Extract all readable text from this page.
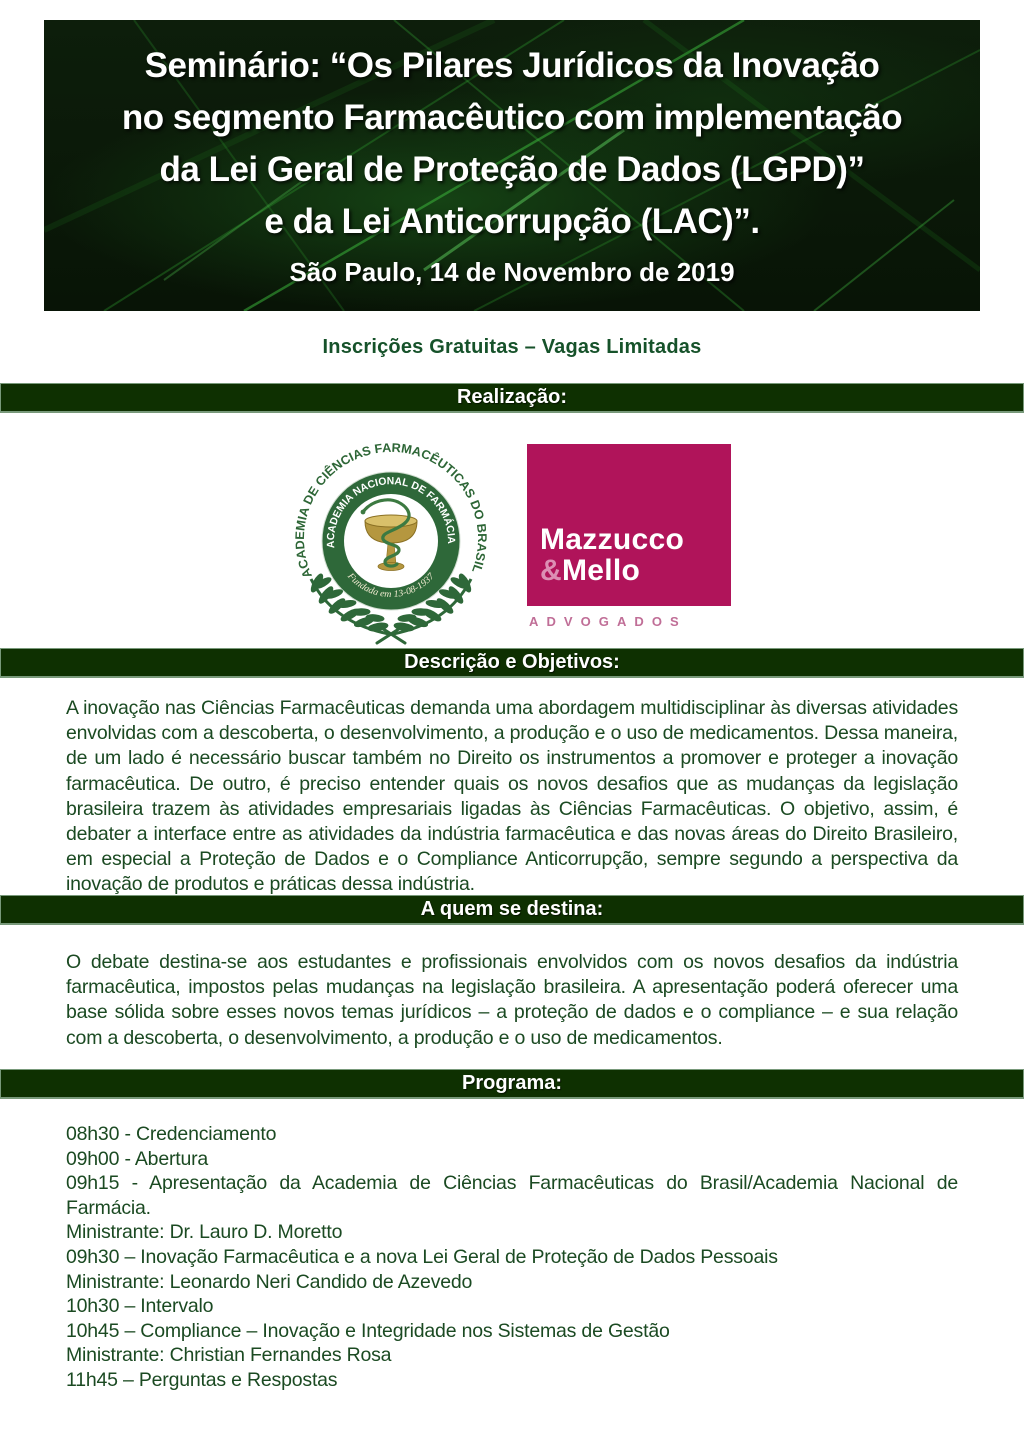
Seminário: “Os Pilares Jurídicos da Inovação
no segmento Farmacêutico com implementação
da Lei Geral de Proteção de Dados (LGPD)”
e da Lei Anticorrupção (LAC)”.
São Paulo, 14 de Novembro de 2019
Inscrições Gratuitas – Vagas Limitadas
Realização:
ACADEMIA DE CIÊNCIAS FARMACÊUTICAS DO BRASIL
ACADEMIA NACIONAL DE FARMÁCIA
Fundada em 13-08-1937
Mazzucco
&Mello
ADVOGADOS
Descrição e Objetivos:
A inovação nas Ciências Farmacêuticas demanda uma abordagem multidisciplinar às diversas atividades envolvidas com a descoberta, o desenvolvimento, a produção e o uso de medicamentos. Dessa maneira, de um lado é necessário buscar também no Direito os instrumentos a promover e proteger a inovação farmacêutica. De outro, é preciso entender quais os novos desafios que as mudanças da legislação brasileira trazem às atividades empresariais ligadas às Ciências Farmacêuticas. O objetivo, assim, é debater a interface entre as atividades da indústria farmacêutica e das novas áreas do Direito Brasileiro, em especial a Proteção de Dados e o Compliance Anticorrupção, sempre segundo a perspectiva da inovação de produtos e práticas dessa indústria.
A quem se destina:
O debate destina-se aos estudantes e profissionais envolvidos com os novos desafios da indústria farmacêutica, impostos pelas mudanças na legislação brasileira. A apresentação poderá oferecer uma base sólida sobre esses novos temas jurídicos – a proteção de dados e o compliance – e sua relação com a descoberta, o desenvolvimento, a produção e o uso de medicamentos.
Programa:
08h30 - Credenciamento
09h00 - Abertura
09h15 - Apresentação da Academia de Ciências Farmacêuticas do Brasil/Academia Nacional de Farmácia.
Ministrante: Dr. Lauro D. Moretto
09h30 – Inovação Farmacêutica e a nova Lei Geral de Proteção de Dados Pessoais
Ministrante: Leonardo Neri Candido de Azevedo
10h30 – Intervalo
10h45 – Compliance – Inovação e Integridade nos Sistemas de Gestão
Ministrante: Christian Fernandes Rosa
11h45 – Perguntas e Respostas
